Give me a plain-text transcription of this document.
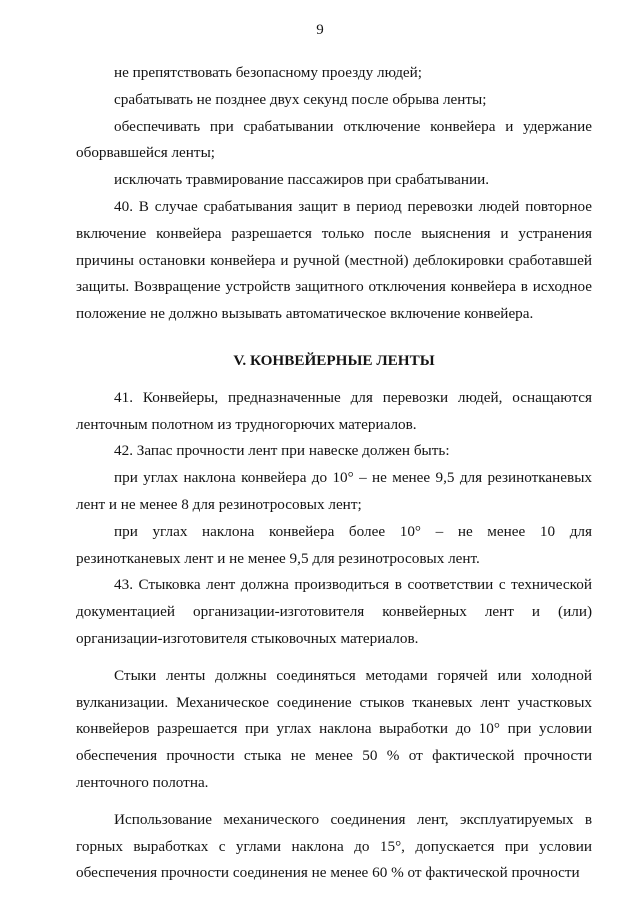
9

не препятствовать безопасному проезду людей;

срабатывать не позднее двух секунд после обрыва ленты;

обеспечивать при срабатывании отключение конвейера и удержание оборвавшейся ленты;

исключать травмирование пассажиров при срабатывании.

40. В случае срабатывания защит в период перевозки людей повторное включение конвейера разрешается только после выяснения и устранения причины остановки конвейера и ручной (местной) деблокировки сработавшей защиты. Возвращение устройств защитного отключения конвейера в исходное положение не должно вызывать автоматическое включение конвейера.

V. КОНВЕЙЕРНЫЕ ЛЕНТЫ

41. Конвейеры, предназначенные для перевозки людей, оснащаются ленточным полотном из трудногорючих материалов.

42. Запас прочности лент при навеске должен быть:

при углах наклона конвейера до 10° – не менее 9,5 для резинотканевых лент и не менее 8 для резинотросовых лент;

при углах наклона конвейера более 10° – не менее 10 для резинотканевых лент и не менее 9,5 для резинотросовых лент.

43. Стыковка лент должна производиться в соответствии с технической документацией организации-изготовителя конвейерных лент и (или) организации-изготовителя стыковочных материалов.

Стыки ленты должны соединяться методами горячей или холодной вулканизации. Механическое соединение стыков тканевых лент участковых конвейеров разрешается при углах наклона выработки до 10° при условии обеспечения прочности стыка не менее 50 % от фактической прочности ленточного полотна.

Использование механического соединения лент, эксплуатируемых в горных выработках с углами наклона до 15°, допускается при условии обеспечения прочности соединения не менее 60 % от фактической прочности
